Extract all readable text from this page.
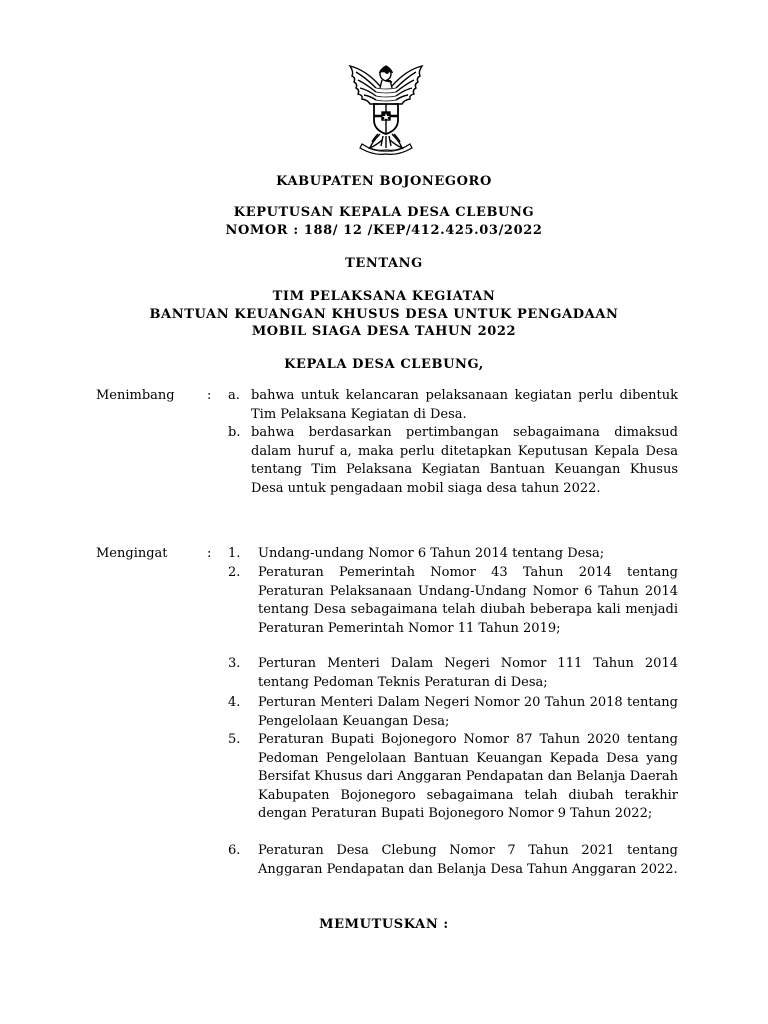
KABUPATEN BOJONEGORO
KEPUTUSAN KEPALA DESA CLEBUNG
NOMOR : 188/ 12 /KEP/412.425.03/2022
TENTANG
TIM PELAKSANA KEGIATAN
BANTUAN KEUANGAN KHUSUS DESA UNTUK PENGADAAN
MOBIL SIAGA DESA TAHUN 2022
KEPALA DESA CLEBUNG,
Menimbang : a. bahwa untuk kelancaran pelaksanaan kegiatan perlu dibentuk Tim Pelaksana Kegiatan di Desa.
b. bahwa berdasarkan pertimbangan sebagaimana dimaksud dalam huruf a, maka perlu ditetapkan Keputusan Kepala Desa tentang Tim Pelaksana Kegiatan Bantuan Keuangan Khusus Desa untuk pengadaan mobil siaga desa tahun 2022.
Mengingat	: 1. Undang-undang Nomor 6 Tahun 2014 tentang Desa;
2. Peraturan Pemerintah Nomor 43 Tahun 2014 tentang Peraturan Pelaksanaan Undang-Undang Nomor 6 Tahun 2014 tentang Desa sebagaimana telah diubah beberapa kali menjadi Peraturan Pemerintah Nomor 11 Tahun 2019;
3. Perturan Menteri Dalam Negeri Nomor 111 Tahun 2014 tentang Pedoman Teknis Peraturan di Desa;
4. Perturan Menteri Dalam Negeri Nomor 20 Tahun 2018 tentang Pengelolaan Keuangan Desa;
5. Peraturan Bupati Bojonegoro Nomor 87 Tahun 2020 tentang Pedoman Pengelolaan Bantuan Keuangan Kepada Desa yang Bersifat Khusus dari Anggaran Pendapatan dan Belanja Daerah Kabupaten Bojonegoro sebagaimana telah diubah terakhir dengan Peraturan Bupati Bojonegoro Nomor 9 Tahun 2022;
6. Peraturan Desa Clebung Nomor 7 Tahun 2021 tentang Anggaran Pendapatan dan Belanja Desa Tahun Anggaran 2022.
MEMUTUSKAN :
